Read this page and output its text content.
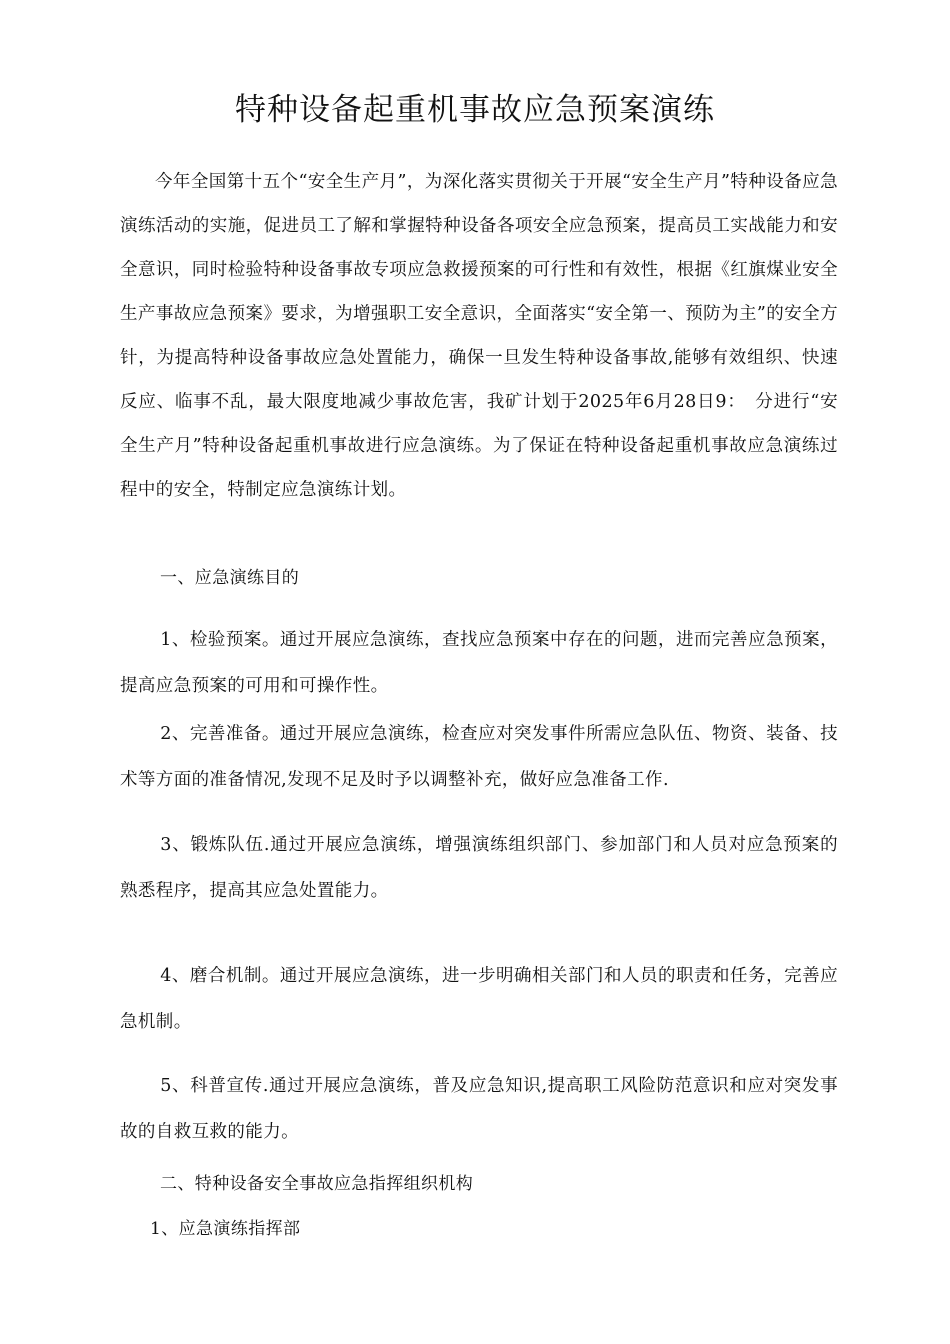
特种设备起重机事故应急预案演练

今年全国第十五个“安全生产月”，为深化落实贯彻关于开展“安全生产月”特种设备应急演练活动的实施，促进员工了解和掌握特种设备各项安全应急预案，提高员工实战能力和安全意识，同时检验特种设备事故专项应急救援预案的可行性和有效性，根据《红旗煤业安全生产事故应急预案》要求，为增强职工安全意识，全面落实“安全第一、预防为主”的安全方针，为提高特种设备事故应急处置能力，确保一旦发生特种设备事故,能够有效组织、快速反应、临事不乱，最大限度地减少事故危害，我矿计划于2025年6月28日9：　分进行“安全生产月”特种设备起重机事故进行应急演练。为了保证在特种设备起重机事故应急演练过程中的安全，特制定应急演练计划。

一、应急演练目的

1、检验预案。通过开展应急演练，查找应急预案中存在的问题，进而完善应急预案，提高应急预案的可用和可操作性。

2、完善准备。通过开展应急演练，检查应对突发事件所需应急队伍、物资、装备、技术等方面的准备情况,发现不足及时予以调整补充，做好应急准备工作.

3、锻炼队伍.通过开展应急演练，增强演练组织部门、参加部门和人员对应急预案的熟悉程序，提高其应急处置能力。

4、磨合机制。通过开展应急演练，进一步明确相关部门和人员的职责和任务，完善应急机制。

5、科普宣传.通过开展应急演练，普及应急知识,提高职工风险防范意识和应对突发事故的自救互救的能力。

二、特种设备安全事故应急指挥组织机构

1、应急演练指挥部
